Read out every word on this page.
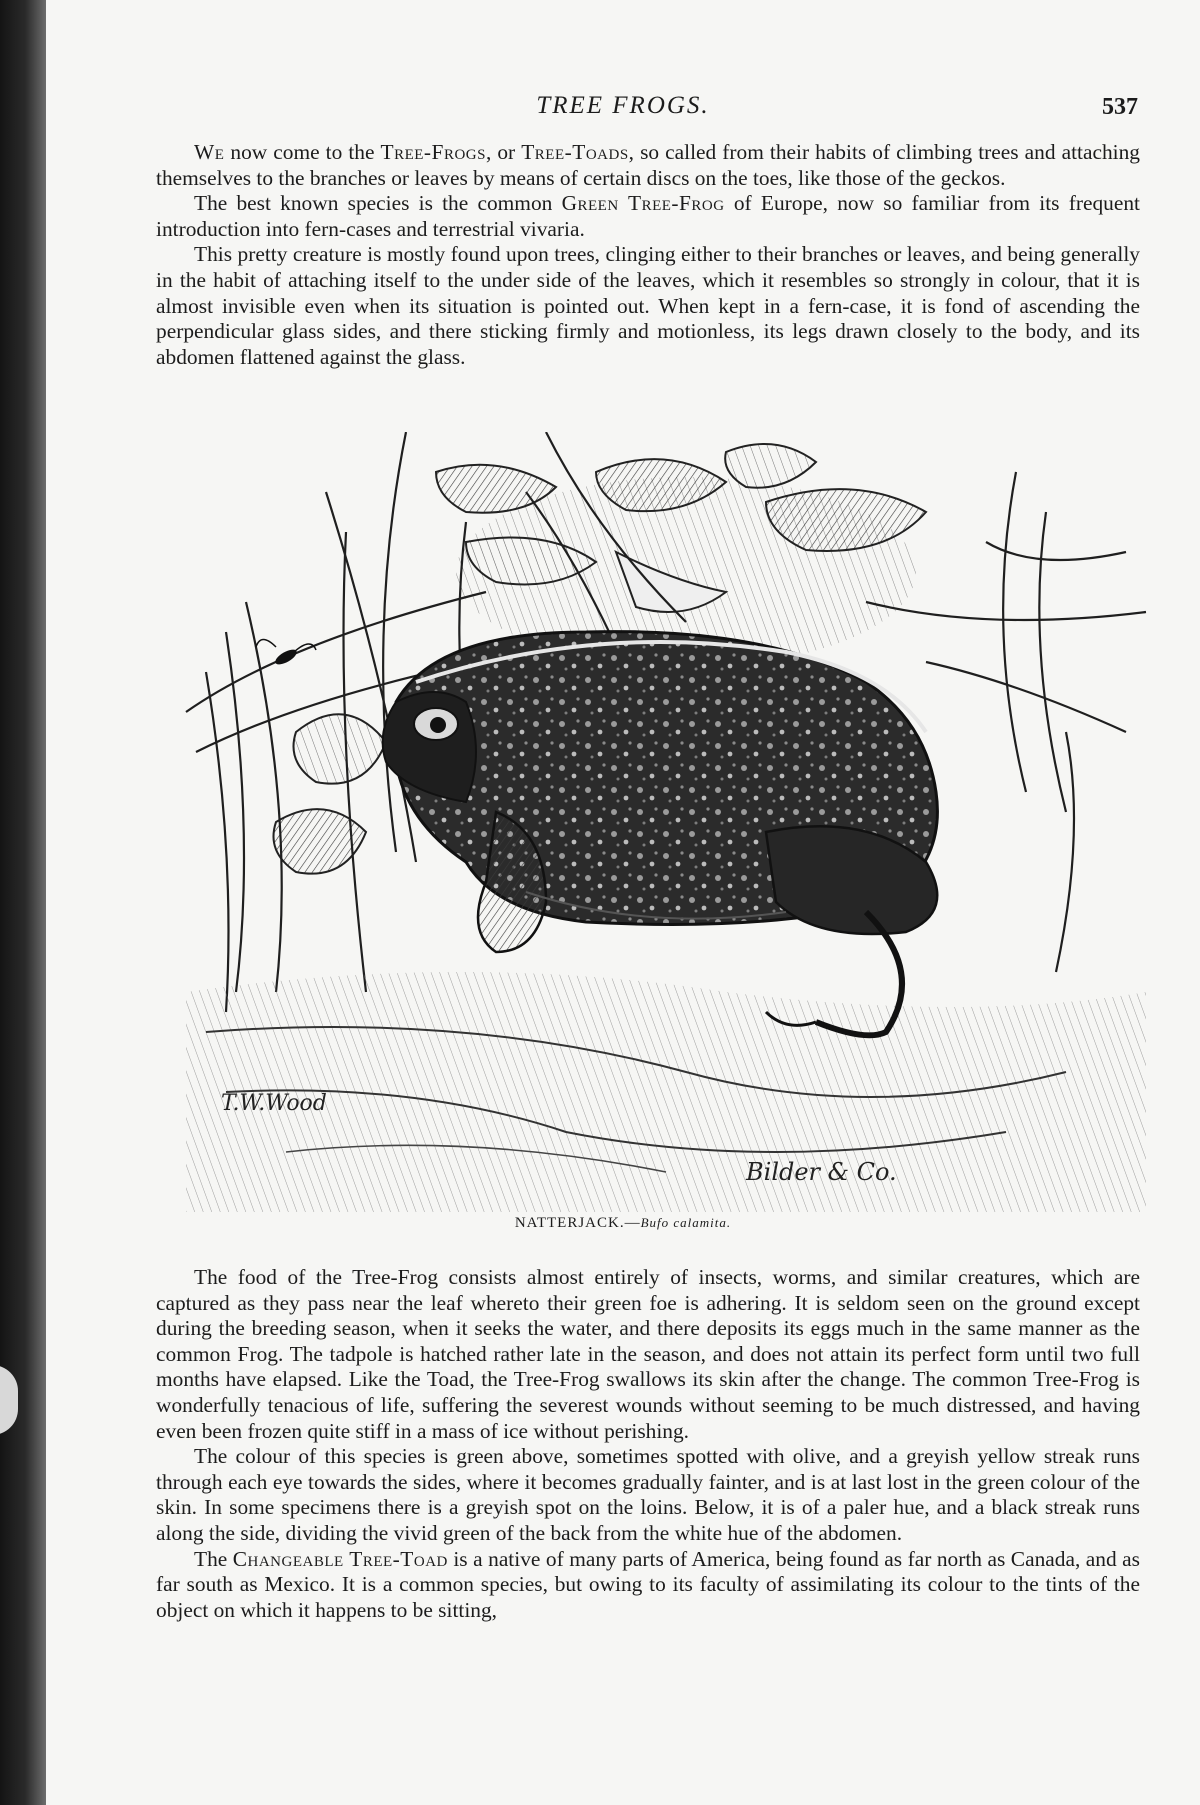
TREE FROGS.	537

We now come to the Tree-Frogs, or Tree-Toads, so called from their habits of climbing trees and attaching themselves to the branches or leaves by means of certain discs on the toes, like those of the geckos.

The best known species is the common Green Tree-Frog of Europe, now so familiar from its frequent introduction into fern-cases and terrestrial vivaria.

This pretty creature is mostly found upon trees, clinging either to their branches or leaves, and being generally in the habit of attaching itself to the under side of the leaves, which it resembles so strongly in colour, that it is almost invisible even when its situation is pointed out. When kept in a fern-case, it is fond of ascending the perpendicular glass sides, and there sticking firmly and motionless, its legs drawn closely to the body, and its abdomen flattened against the glass.

T.W.Wood
Bilder & Co.
NATTERJACK.—Bufo calamita.

The food of the Tree-Frog consists almost entirely of insects, worms, and similar creatures, which are captured as they pass near the leaf whereto their green foe is adhering. It is seldom seen on the ground except during the breeding season, when it seeks the water, and there deposits its eggs much in the same manner as the common Frog. The tadpole is hatched rather late in the season, and does not attain its perfect form until two full months have elapsed. Like the Toad, the Tree-Frog swallows its skin after the change. The common Tree-Frog is wonderfully tenacious of life, suffering the severest wounds without seeming to be much distressed, and having even been frozen quite stiff in a mass of ice without perishing.

The colour of this species is green above, sometimes spotted with olive, and a greyish yellow streak runs through each eye towards the sides, where it becomes gradually fainter, and is at last lost in the green colour of the skin. In some specimens there is a greyish spot on the loins. Below, it is of a paler hue, and a black streak runs along the side, dividing the vivid green of the back from the white hue of the abdomen.

The Changeable Tree-Toad is a native of many parts of America, being found as far north as Canada, and as far south as Mexico. It is a common species, but owing to its faculty of assimilating its colour to the tints of the object on which it happens to be sitting,
